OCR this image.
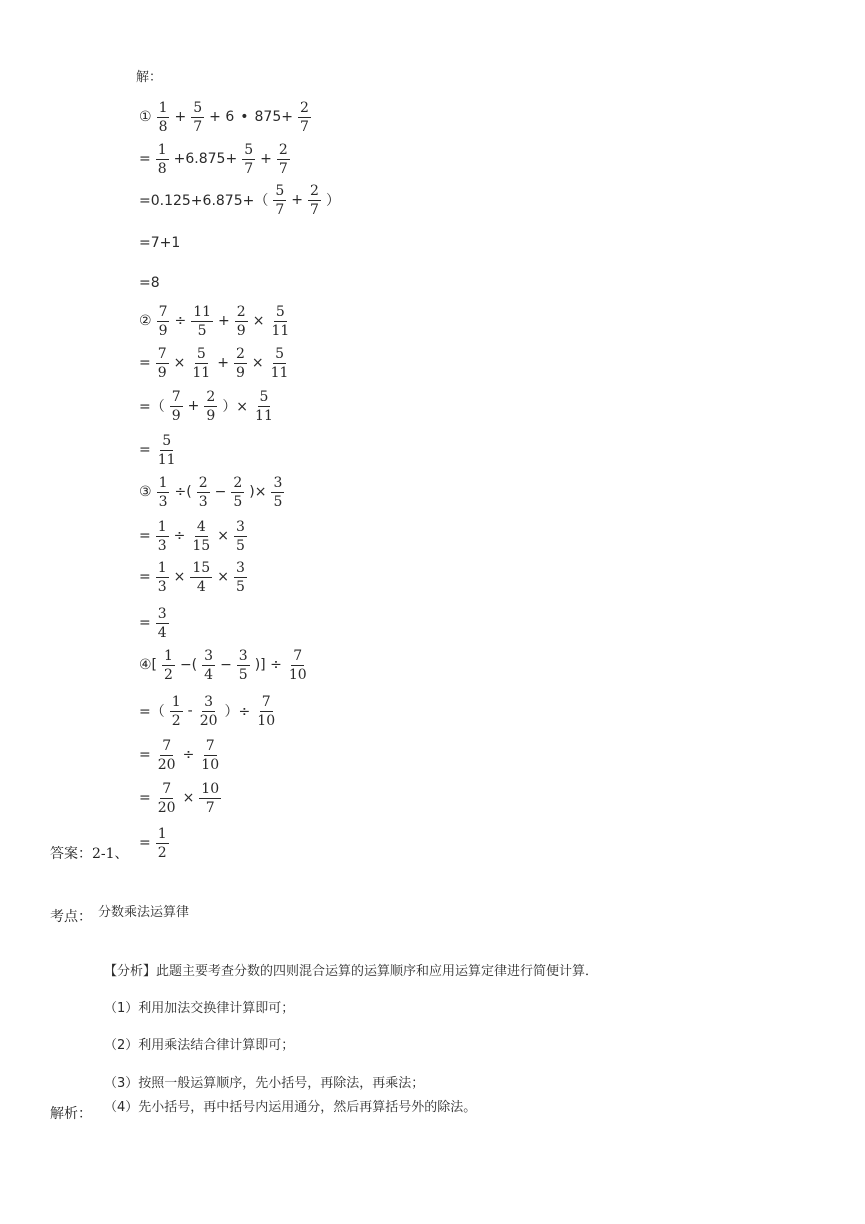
解：
① $\frac{1}{8} + \frac{5}{7} + 6$ • $875+ \frac{2}{7}$
= $\frac{1}{8} +6.875+ \frac{5}{7} + \frac{2}{7}$
$=0.125+6.875+( \frac{5}{7} + \frac{2}{7}$ ）
=7+1
=8
② $\frac{7}{9} \div \frac{11}{5} + \frac{2}{9} \times \frac{5}{11}$
= $\frac{7}{9} \times \frac{5}{11} + \frac{2}{9} \times \frac{5}{11}$
=（ $\frac{7}{9} + \frac{2}{9}$ ）× $\frac{5}{11}$
= $\frac{5}{11}$
③ $\frac{1}{3}$ ÷( $\frac{2}{3} - \frac{2}{5}$ )× $\frac{3}{5}$
= $\frac{1}{3} \div \frac{4}{15} \times \frac{3}{5}$
= $\frac{1}{3} \times \frac{15}{4} \times \frac{3}{5}$
= $\frac{3}{4}$
④[ $\frac{1}{2}$ −( $\frac{3}{4} - \frac{3}{5}$ )] ÷ $\frac{7}{10}$
=（ $\frac{1}{2} - \frac{3}{20}$ ）÷ $\frac{7}{10}$
= $\frac{7}{20} \div \frac{7}{10}$
= $\frac{7}{20} \times \frac{10}{7}$
= $\frac{1}{2}$
答案：2-1、
考点： 分数乘法运算律
【分析】此题主要考查分数的四则混合运算的运算顺序和应用运算定律进行简便计算．
（1）利用加法交换律计算即可；
（2）利用乘法结合律计算即可；
（3）按照一般运算顺序，先小括号，再除法，再乘法；
（4）先小括号，再中括号内运用通分，然后再算括号外的除法。
解析：
